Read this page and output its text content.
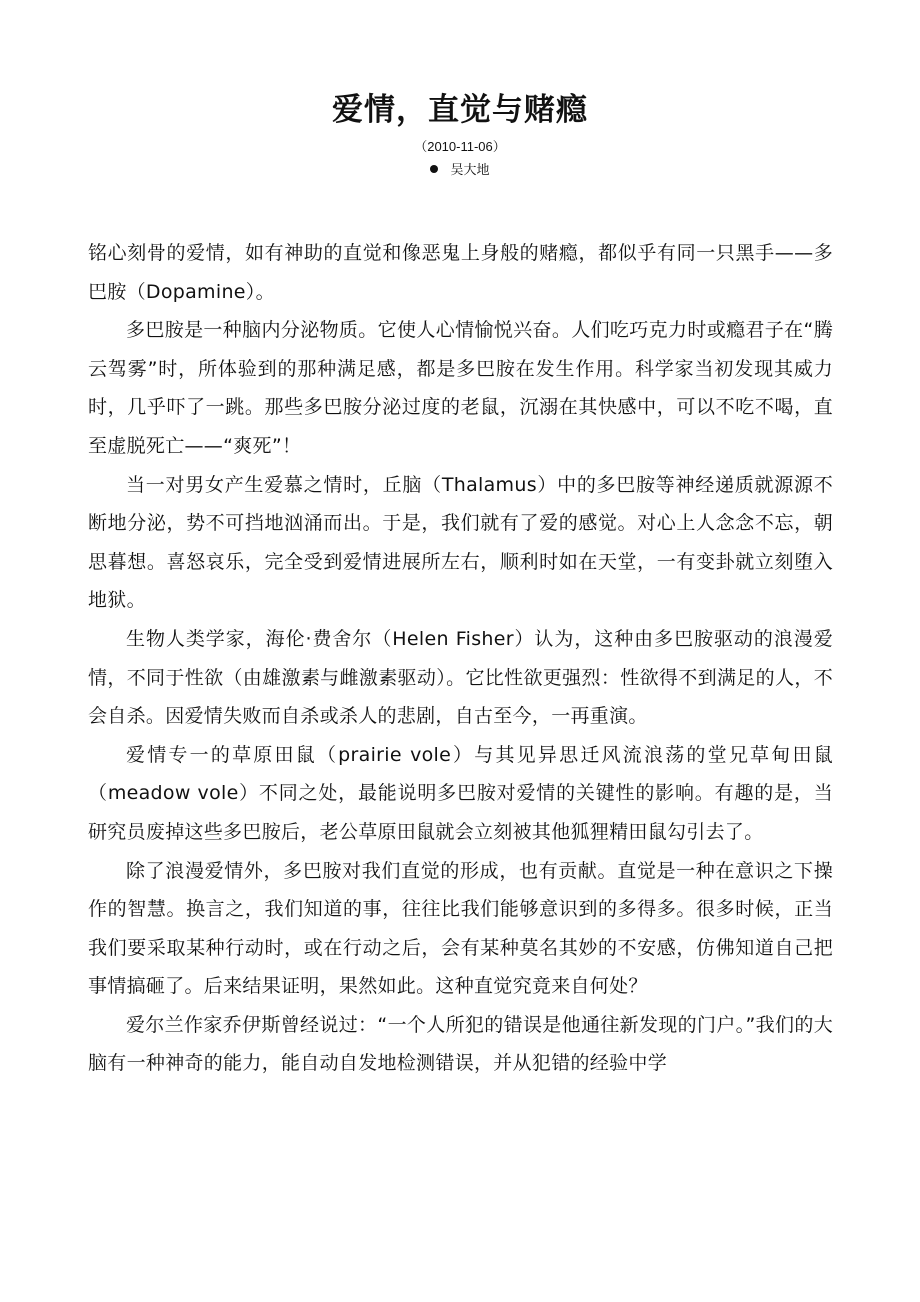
爱情，直觉与赌瘾
（2010-11-06）
吴大地

铭心刻骨的爱情，如有神助的直觉和像恶鬼上身般的赌瘾，都似乎有同一只黑手——多巴胺（Dopamine）。

多巴胺是一种脑内分泌物质。它使人心情愉悦兴奋。人们吃巧克力时或瘾君子在“腾云驾雾”时，所体验到的那种满足感，都是多巴胺在发生作用。科学家当初发现其威力时，几乎吓了一跳。那些多巴胺分泌过度的老鼠，沉溺在其快感中，可以不吃不喝，直至虚脱死亡——“爽死”！

当一对男女产生爱慕之情时，丘脑（Thalamus）中的多巴胺等神经递质就源源不断地分泌，势不可挡地汹涌而出。于是，我们就有了爱的感觉。对心上人念念不忘，朝思暮想。喜怒哀乐，完全受到爱情进展所左右，顺利时如在天堂，一有变卦就立刻堕入地狱。

生物人类学家，海伦·费舍尔（Helen Fisher）认为，这种由多巴胺驱动的浪漫爱情，不同于性欲（由雄激素与雌激素驱动）。它比性欲更强烈：性欲得不到满足的人，不会自杀。因爱情失败而自杀或杀人的悲剧，自古至今，一再重演。

爱情专一的草原田鼠（prairie vole）与其见异思迁风流浪荡的堂兄草甸田鼠（meadow vole）不同之处，最能说明多巴胺对爱情的关键性的影响。有趣的是，当研究员废掉这些多巴胺后，老公草原田鼠就会立刻被其他狐狸精田鼠勾引去了。

除了浪漫爱情外，多巴胺对我们直觉的形成，也有贡献。直觉是一种在意识之下操作的智慧。换言之，我们知道的事，往往比我们能够意识到的多得多。很多时候，正当我们要采取某种行动时，或在行动之后，会有某种莫名其妙的不安感，仿佛知道自己把事情搞砸了。后来结果证明，果然如此。这种直觉究竟来自何处？

爱尔兰作家乔伊斯曾经说过：“一个人所犯的错误是他通往新发现的门户。”我们的大脑有一种神奇的能力，能自动自发地检测错误，并从犯错的经验中学
